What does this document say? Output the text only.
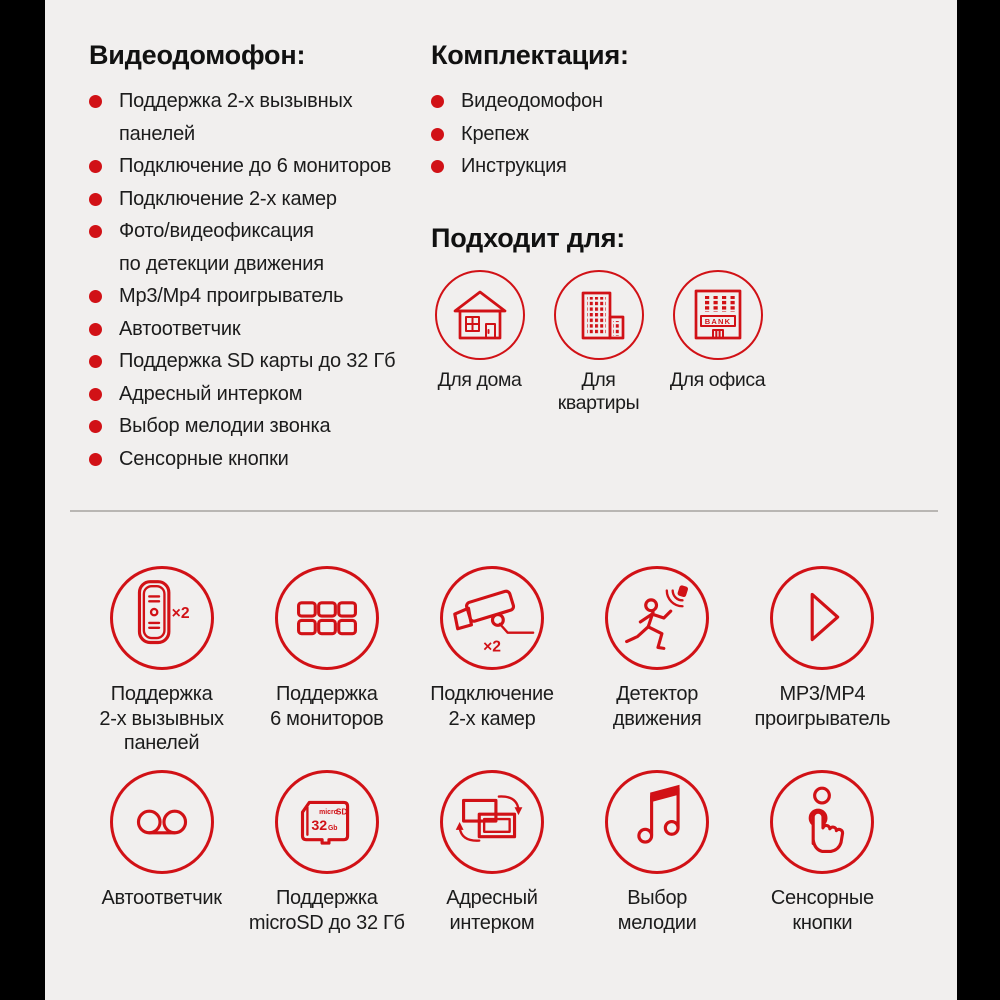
Видеодомофон:
Поддержка 2-х вызывных
панелей
Подключение до 6 мониторов
Подключение 2-х камер
Фото/видеофиксация
по детекции движения
Mp3/Mp4 проигрыватель
Автоответчик
Поддержка SD карты до 32 Гб
Адресный интерком
Выбор мелодии звонка
Сенсорные кнопки
Комплектация:
Видеодомофон
Крепеж
Инструкция
Подходит для:
Для дома	Для квартиры
BANK
Для офиса
×2
Поддержка
2-х вызывных
панелей
Поддержка
6 мониторов
×2
Подключение
2-х камер
Детектор
движения
MP3/MP4
проигрыватель
Автоответчик
micro
SD
32 Gb
Поддержка
microSD до 32 Гб
Адресный
интерком
Выбор
мелодии
Сенсорные
кнопки
